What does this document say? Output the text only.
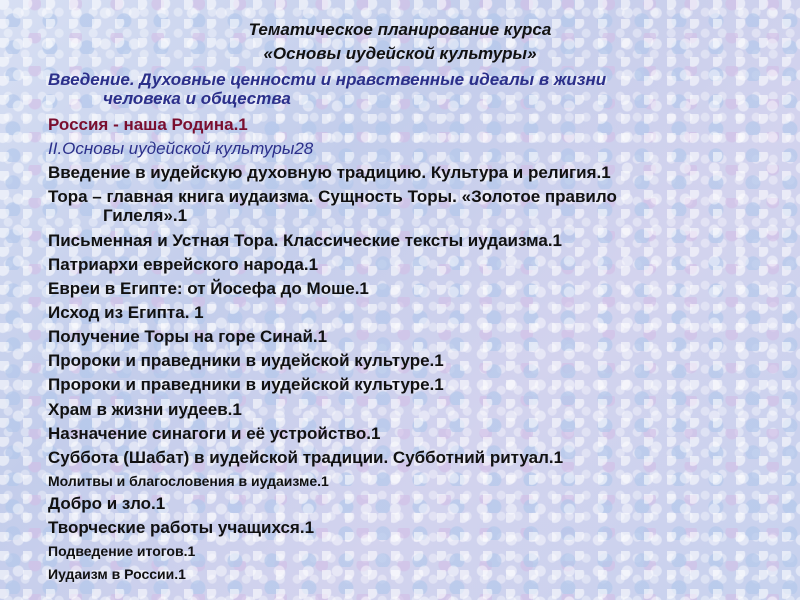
Тематическое планирование курса
«Основы иудейской культуры»
Введение. Духовные ценности и нравственные идеалы в жизни
человека и общества
Россия - наша Родина.1
II.Основы иудейской культуры28
Введение в иудейскую духовную традицию. Культура и религия.1
Тора – главная книга иудаизма. Сущность Торы. «Золотое правило
Гилеля».1
Письменная и Устная Тора. Классические тексты иудаизма.1
Патриархи еврейского народа.1
Евреи в Египте: от Йосефа до Моше.1
Исход из Египта. 1
Получение Торы на горе Синай.1
Пророки и праведники в иудейской культуре.1
Пророки и праведники в иудейской культуре.1
Храм в жизни иудеев.1
Назначение синагоги и её устройство.1
Суббота (Шабат) в иудейской традиции. Субботний ритуал.1
Молитвы и благословения в иудаизме.1
Добро и зло.1
Творческие работы учащихся.1
Подведение итогов.1
Иудаизм в России.1
